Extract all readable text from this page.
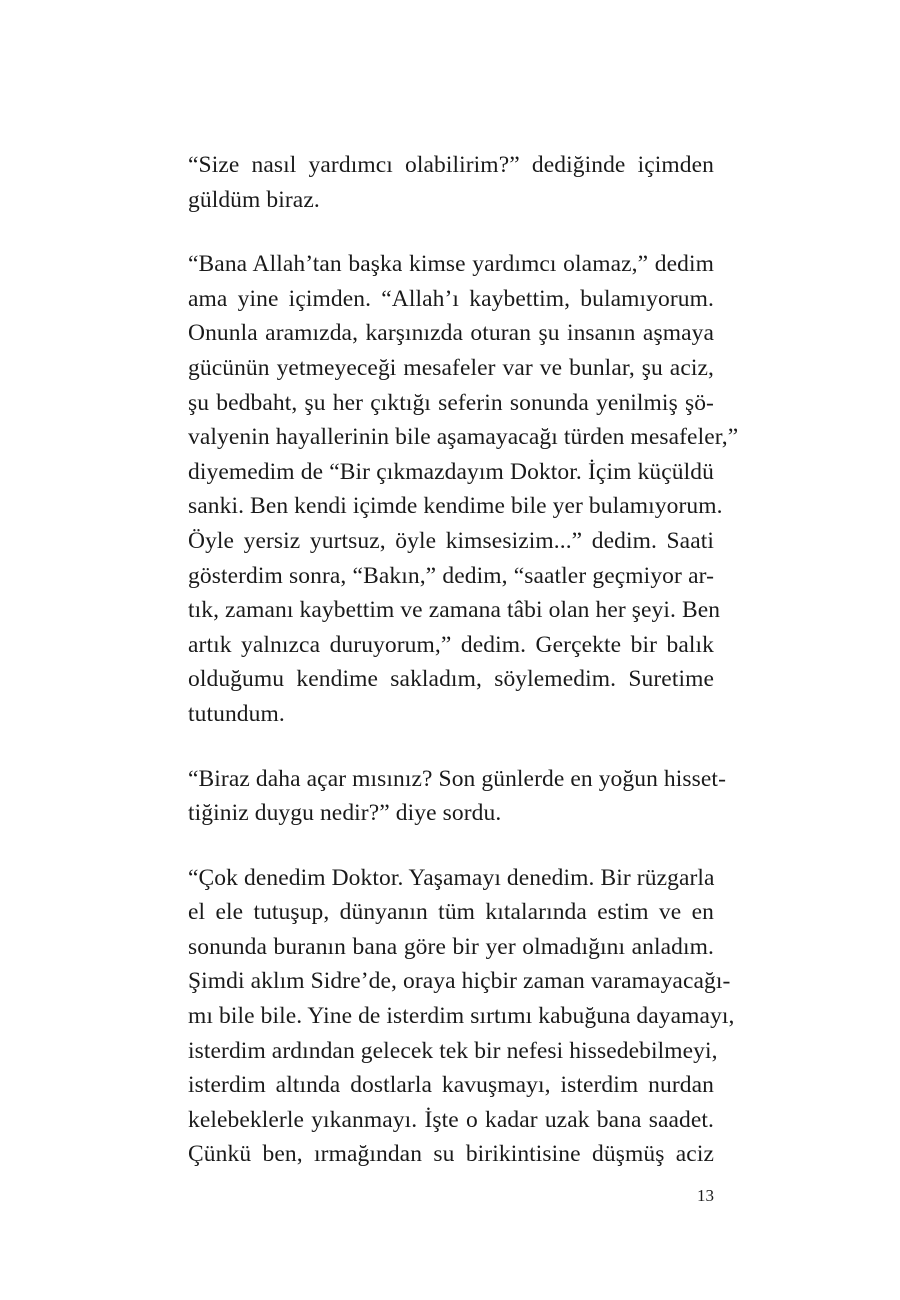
“Size nasıl yardımcı olabilirim?” dediğinde içimden
güldüm biraz.

“Bana Allah’tan başka kimse yardımcı olamaz,” dedim
ama yine içimden. “Allah’ı kaybettim, bulamıyorum.
Onunla aramızda, karşınızda oturan şu insanın aşmaya
gücünün yetmeyeceği mesafeler var ve bunlar, şu aciz,
şu bedbaht, şu her çıktığı seferin sonunda yenilmiş şö-
valyenin hayallerinin bile aşamayacağı türden mesafeler,”
diyemedim de “Bir çıkmazdayım Doktor. İçim küçüldü
sanki. Ben kendi içimde kendime bile yer bulamıyorum.
Öyle yersiz yurtsuz, öyle kimsesizim...” dedim. Saati
gösterdim sonra, “Bakın,” dedim, “saatler geçmiyor ar-
tık, zamanı kaybettim ve zamana tâbi olan her şeyi. Ben
artık yalnızca duruyorum,” dedim. Gerçekte bir balık
olduğumu kendime sakladım, söylemedim. Suretime
tutundum.

“Biraz daha açar mısınız? Son günlerde en yoğun hisset-
tiğiniz duygu nedir?” diye sordu.

“Çok denedim Doktor. Yaşamayı denedim. Bir rüzgarla
el ele tutuşup, dünyanın tüm kıtalarında estim ve en
sonunda buranın bana göre bir yer olmadığını anladım.
Şimdi aklım Sidre’de, oraya hiçbir zaman varamayacağı-
mı bile bile. Yine de isterdim sırtımı kabuğuna dayamayı,
isterdim ardından gelecek tek bir nefesi hissedebilmeyi,
isterdim altında dostlarla kavuşmayı, isterdim nurdan
kelebeklerle yıkanmayı. İşte o kadar uzak bana saadet.
Çünkü ben, ırmağından su birikintisine düşmüş aciz

13
